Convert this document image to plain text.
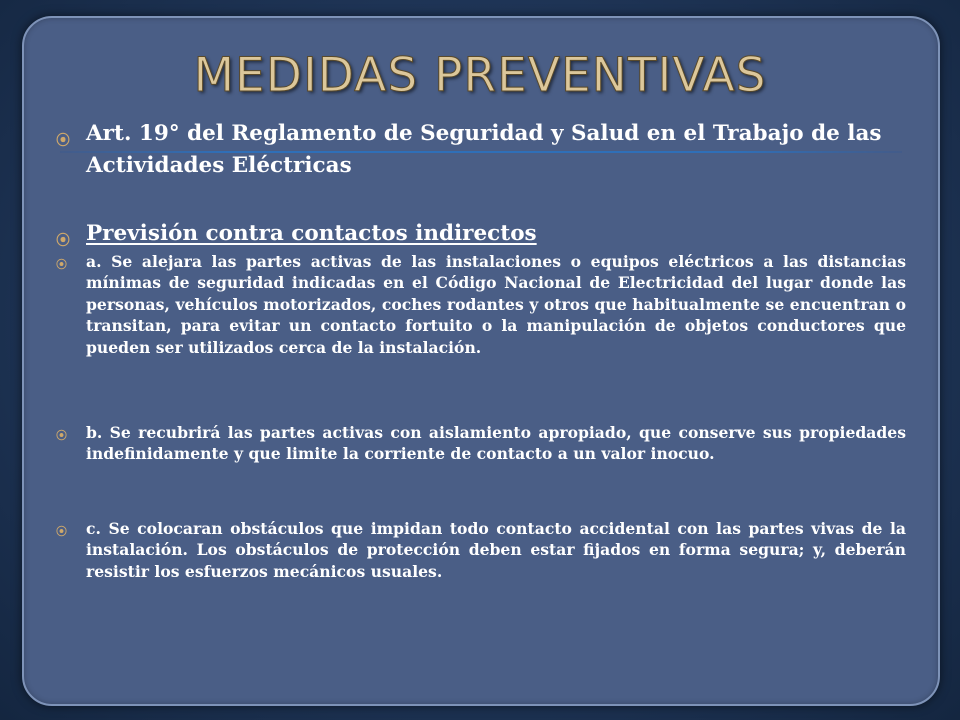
MEDIDAS PREVENTIVAS
⦿ Art. 19° del Reglamento de Seguridad y Salud en el Trabajo de las Actividades Eléctricas
⦿ Previsión contra contactos indirectos
⦿ a. Se alejara las partes activas de las instalaciones o equipos eléctricos a las distancias mínimas de seguridad indicadas en el Código Nacional de Electricidad del lugar donde las personas, vehículos motorizados, coches rodantes y otros que habitualmente se encuentran o transitan, para evitar un contacto fortuito o la manipulación de objetos conductores que pueden ser utilizados cerca de la instalación.
⦿ b. Se recubrirá las partes activas con aislamiento apropiado, que conserve sus propiedades indefinidamente y que limite la corriente de contacto a un valor inocuo.
⦿ c. Se colocaran obstáculos que impidan todo contacto accidental con las partes vivas de la instalación. Los obstáculos de protección deben estar fijados en forma segura; y, deberán resistir los esfuerzos mecánicos usuales.
